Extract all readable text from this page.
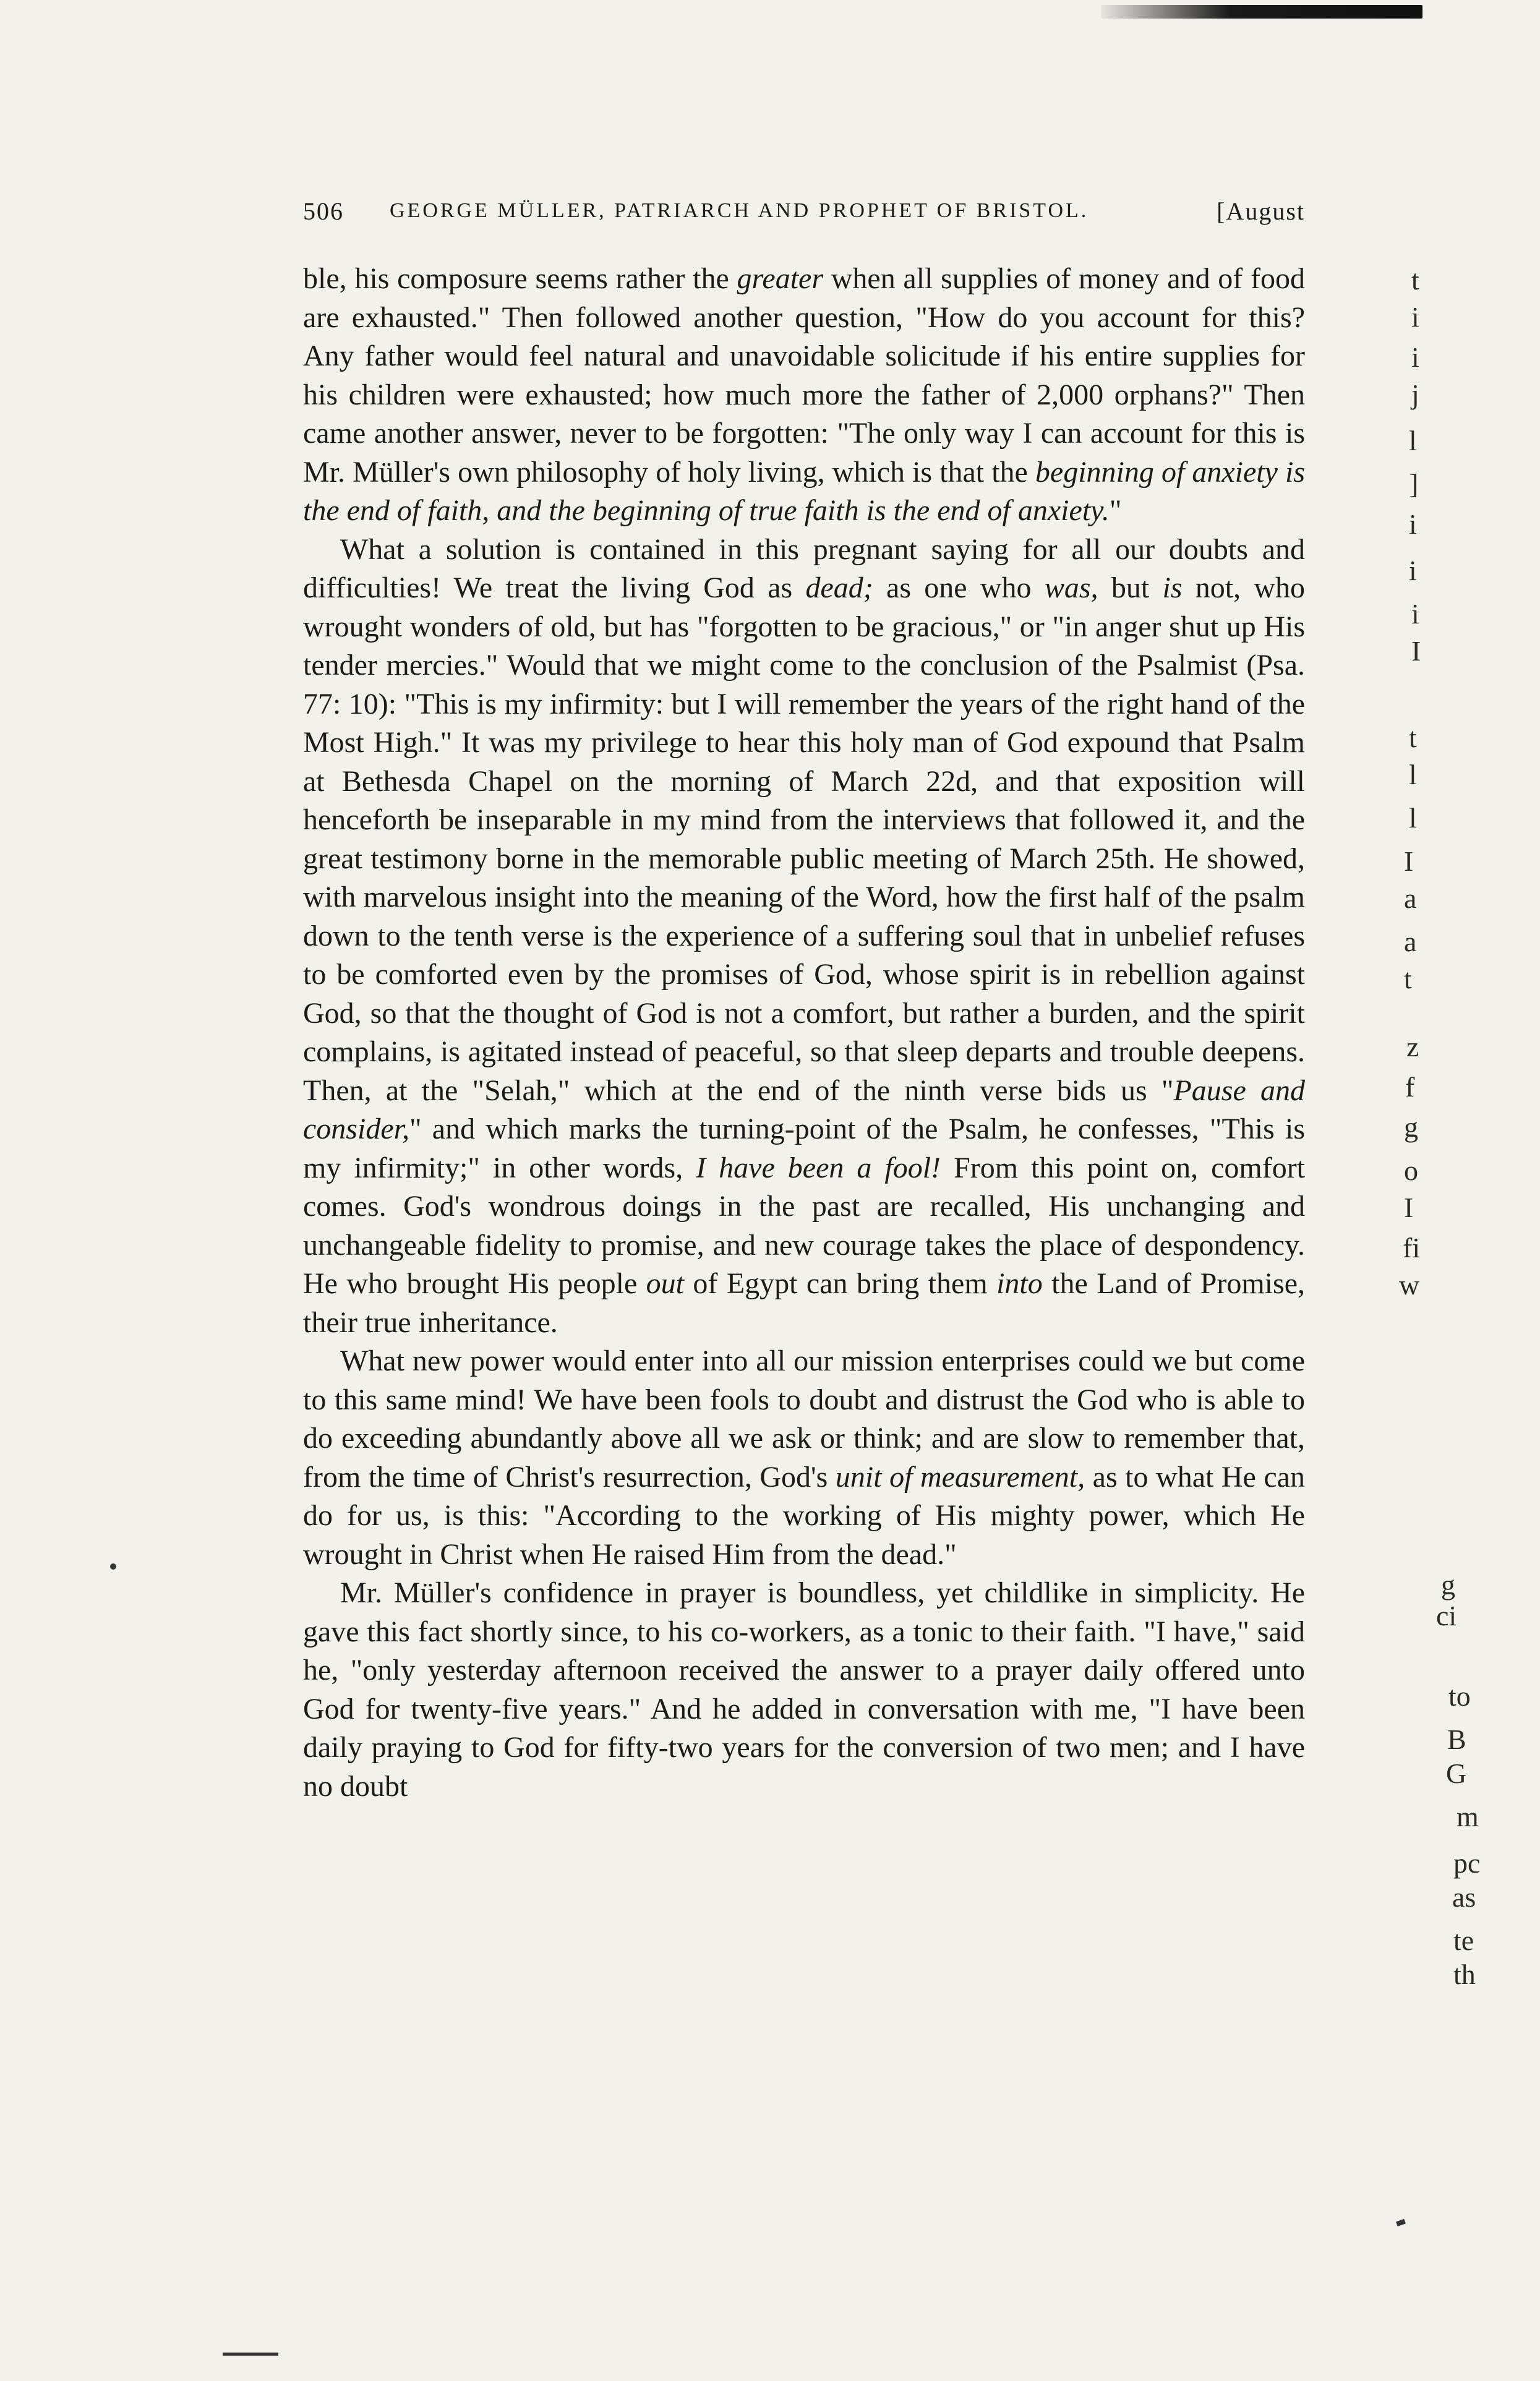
506 GEORGE MÜLLER, PATRIARCH AND PROPHET OF BRISTOL.	[August

ble, his composure seems rather the greater when all supplies of money and of food are exhausted." Then followed another question, "How do you account for this? Any father would feel natural and unavoidable solicitude if his entire supplies for his children were exhausted; how much more the father of 2,000 orphans?" Then came another answer, never to be forgotten: "The only way I can account for this is Mr. Müller's own philosophy of holy living, which is that the beginning of anxiety is the end of faith, and the beginning of true faith is the end of anxiety."

What a solution is contained in this pregnant saying for all our doubts and difficulties! We treat the living God as dead; as one who was, but is not, who wrought wonders of old, but has "forgotten to be gracious," or "in anger shut up His tender mercies." Would that we might come to the conclusion of the Psalmist (Psa. 77: 10): "This is my infirmity: but I will remember the years of the right hand of the Most High." It was my privilege to hear this holy man of God expound that Psalm at Bethesda Chapel on the morning of March 22d, and that exposition will henceforth be inseparable in my mind from the interviews that followed it, and the great testimony borne in the memorable public meeting of March 25th. He showed, with marvelous insight into the meaning of the Word, how the first half of the psalm down to the tenth verse is the experience of a suffering soul that in unbelief refuses to be comforted even by the promises of God, whose spirit is in rebellion against God, so that the thought of God is not a comfort, but rather a burden, and the spirit complains, is agitated instead of peaceful, so that sleep departs and trouble deepens. Then, at the "Selah," which at the end of the ninth verse bids us "Pause and consider," and which marks the turning-point of the Psalm, he confesses, "This is my infirmity;" in other words, I have been a fool! From this point on, comfort comes. God's wondrous doings in the past are recalled, His unchanging and unchangeable fidelity to promise, and new courage takes the place of despondency. He who brought His people out of Egypt can bring them into the Land of Promise, their true inheritance.

What new power would enter into all our mission enterprises could we but come to this same mind! We have been fools to doubt and distrust the God who is able to do exceeding abundantly above all we ask or think; and are slow to remember that, from the time of Christ's resurrection, God's unit of measurement, as to what He can do for us, is this: "According to the working of His mighty power, which He wrought in Christ when He raised Him from the dead."

Mr. Müller's confidence in prayer is boundless, yet childlike in simplicity. He gave this fact shortly since, to his co-workers, as a tonic to their faith. "I have," said he, "only yesterday afternoon received the answer to a prayer daily offered unto God for twenty-five years." And he added in conversation with me, "I have been daily praying to God for fifty-two years for the conversion of two men; and I have no doubt

t
i
i
j
l
]
i
i
i
I
t
l
l
I
a
a
t
z
f
g
o
I
fi
w
g
ci
to
B
G
m
pc
as
te
th
